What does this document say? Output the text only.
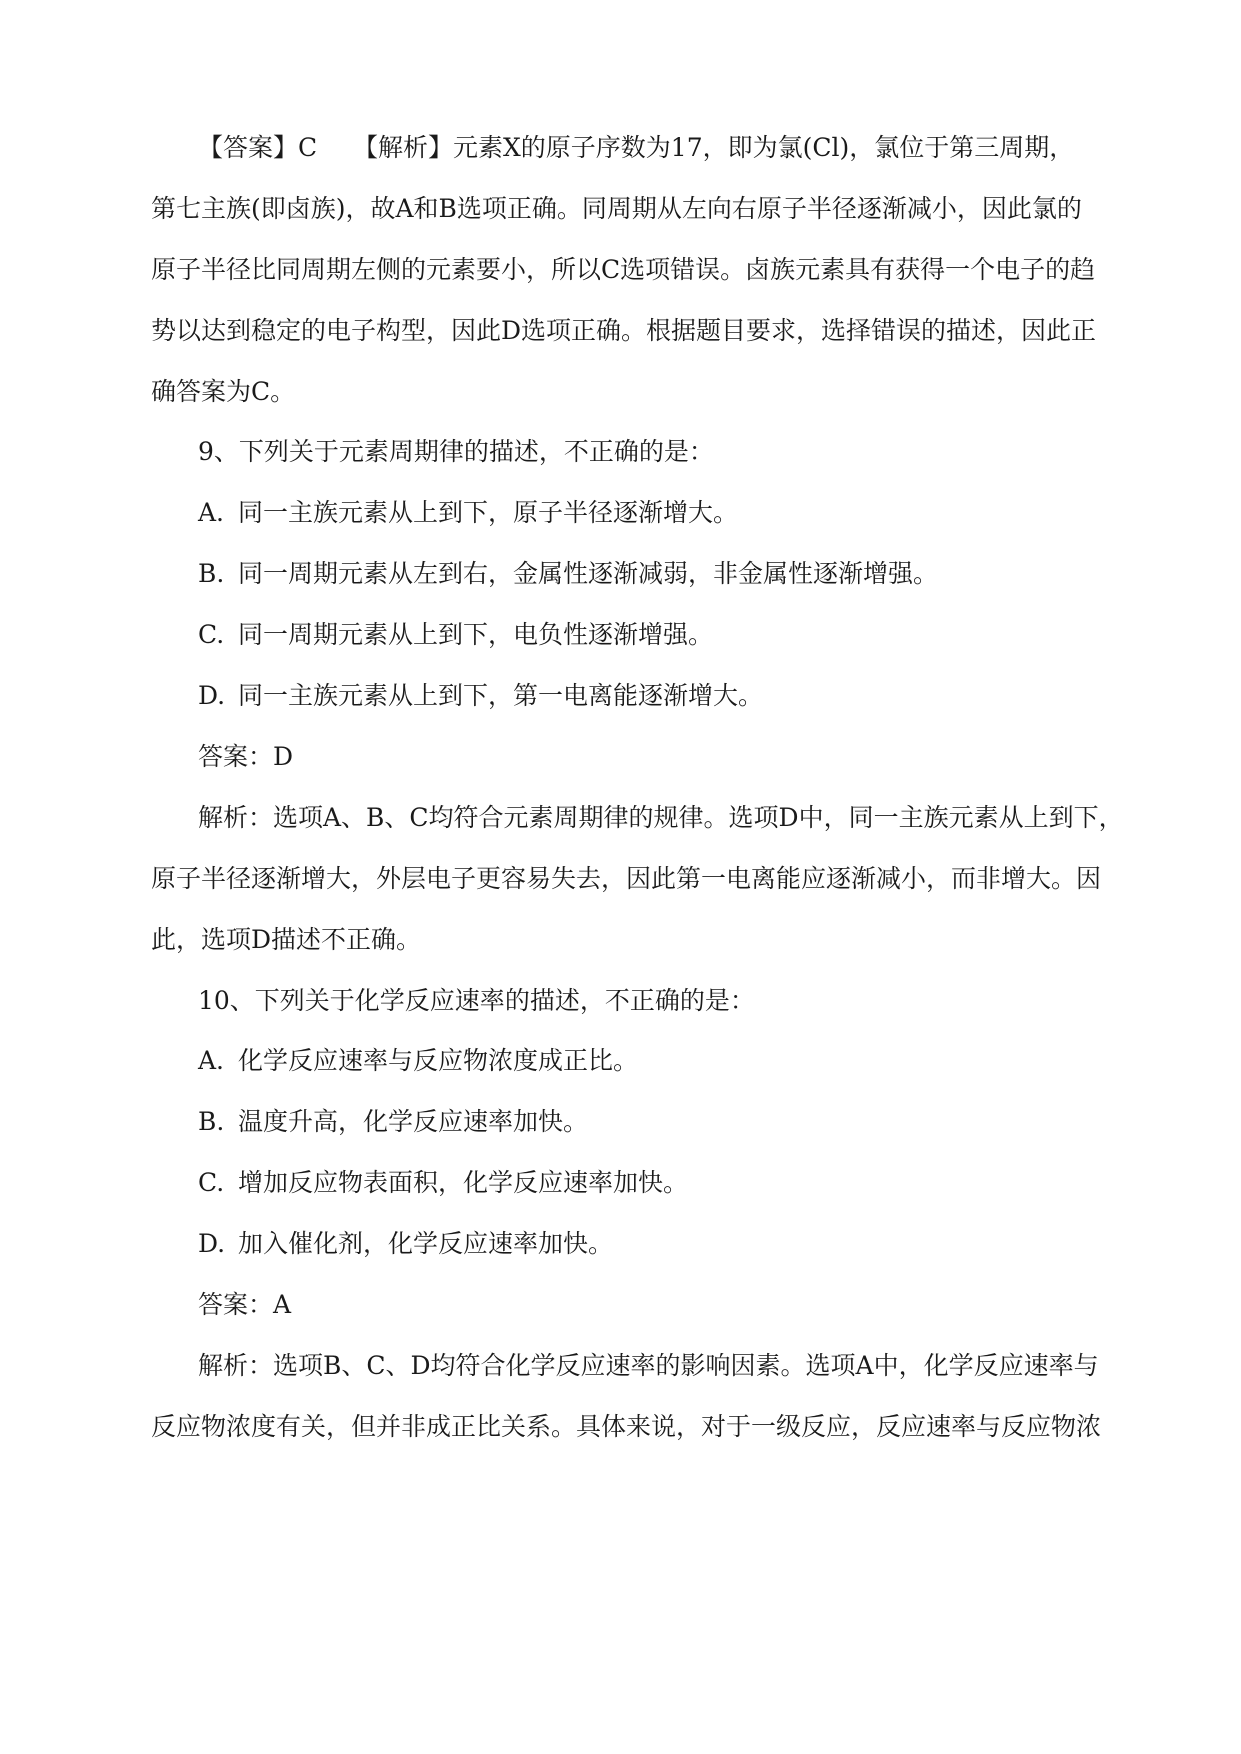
【答案】C 【解析】元素Ⅹ的原子序数为17，即为氯(Cl)，氯位于第三周期，
第七主族(即卤族)，故A和B选项正确。同周期从左向右原子半径逐渐减小，因此氯的
原子半径比同周期左侧的元素要小，所以C选项错误。卤族元素具有获得一个电子的趋
势以达到稳定的电子构型，因此D选项正确。根据题目要求，选择错误的描述，因此正
确答案为C。
9、下列关于元素周期律的描述，不正确的是：
A. 同一主族元素从上到下，原子半径逐渐增大。
B. 同一周期元素从左到右，金属性逐渐减弱，非金属性逐渐增强。
C. 同一周期元素从上到下，电负性逐渐增强。
D. 同一主族元素从上到下，第一电离能逐渐增大。
答案：D
解析：选项A、B、C均符合元素周期律的规律。选项D中，同一主族元素从上到下，
原子半径逐渐增大，外层电子更容易失去，因此第一电离能应逐渐减小，而非增大。因
此，选项D描述不正确。
10、下列关于化学反应速率的描述，不正确的是：
A. 化学反应速率与反应物浓度成正比。
B. 温度升高，化学反应速率加快。
C. 增加反应物表面积，化学反应速率加快。
D. 加入催化剂，化学反应速率加快。
答案：A
解析：选项B、C、D均符合化学反应速率的影响因素。选项A中，化学反应速率与
反应物浓度有关，但并非成正比关系。具体来说，对于一级反应，反应速率与反应物浓
